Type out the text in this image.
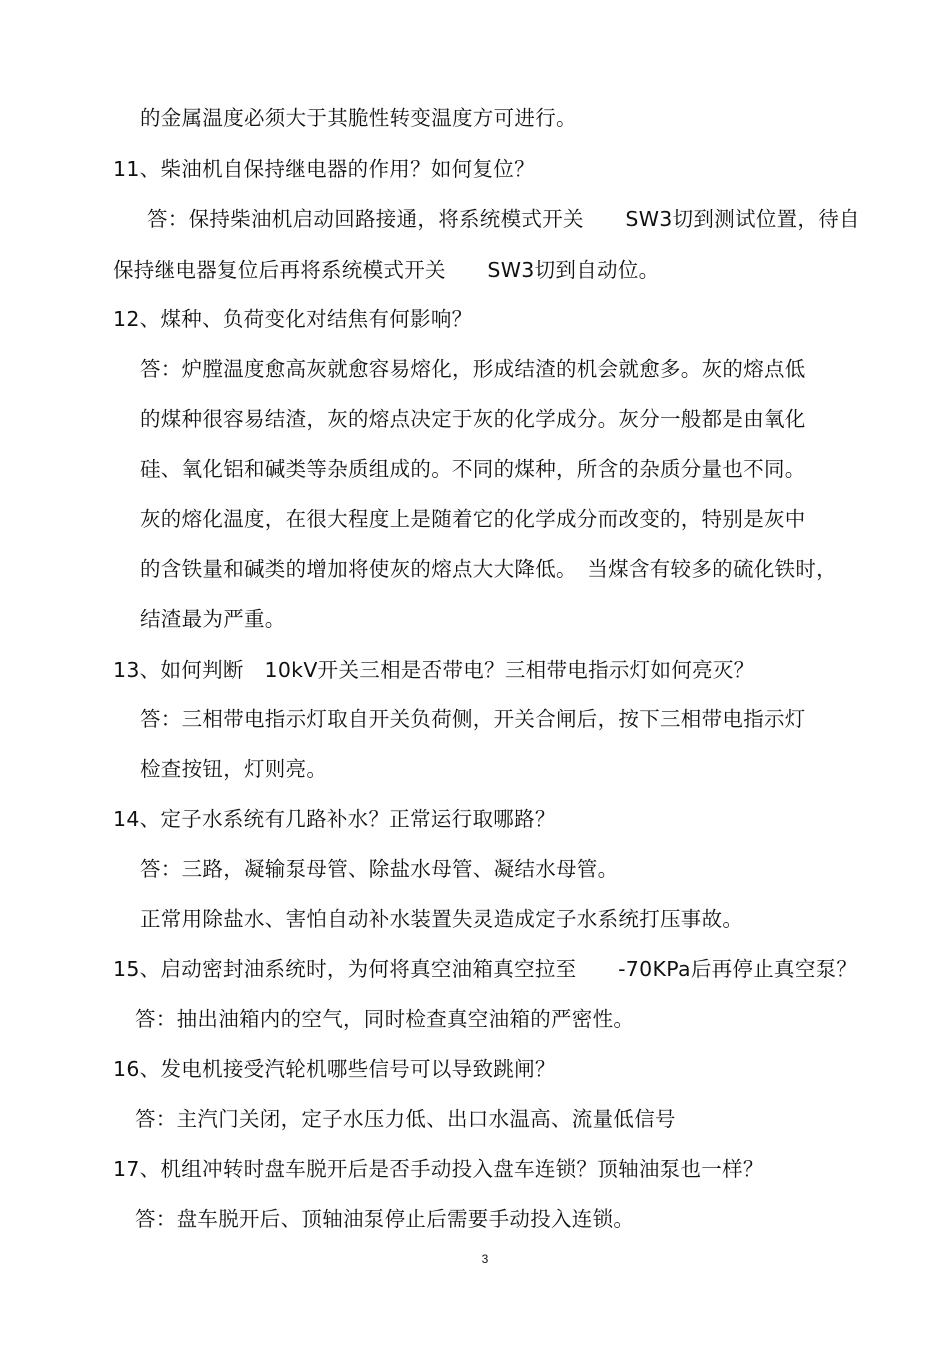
的金属温度必须大于其脆性转变温度方可进行。
11、柴油机自保持继电器的作用？如何复位？
答：保持柴油机启动回路接通，将系统模式开关　　SW3切到测试位置，待自
保持继电器复位后再将系统模式开关　　SW3切到自动位。
12、煤种、负荷变化对结焦有何影响？
答：炉膛温度愈高灰就愈容易熔化，形成结渣的机会就愈多。灰的熔点低
的煤种很容易结渣，灰的熔点决定于灰的化学成分。灰分一般都是由氧化
硅、氧化铝和碱类等杂质组成的。不同的煤种，所含的杂质分量也不同。
灰的熔化温度，在很大程度上是随着它的化学成分而改变的，特别是灰中
的含铁量和碱类的增加将使灰的熔点大大降低。　当煤含有较多的硫化铁时，
结渣最为严重。
13、如何判断　10kV开关三相是否带电？三相带电指示灯如何亮灭？
答：三相带电指示灯取自开关负荷侧，开关合闸后，按下三相带电指示灯
检查按钮，灯则亮。
14、定子水系统有几路补水？正常运行取哪路？
答：三路，凝输泵母管、除盐水母管、凝结水母管。
正常用除盐水、害怕自动补水装置失灵造成定子水系统打压事故。
15、启动密封油系统时，为何将真空油箱真空拉至　　-70KPa后再停止真空泵？
答：抽出油箱内的空气，同时检查真空油箱的严密性。
16、发电机接受汽轮机哪些信号可以导致跳闸？
答：主汽门关闭，定子水压力低、出口水温高、流量低信号
17、机组冲转时盘车脱开后是否手动投入盘车连锁？顶轴油泵也一样？
答：盘车脱开后、顶轴油泵停止后需要手动投入连锁。
3
